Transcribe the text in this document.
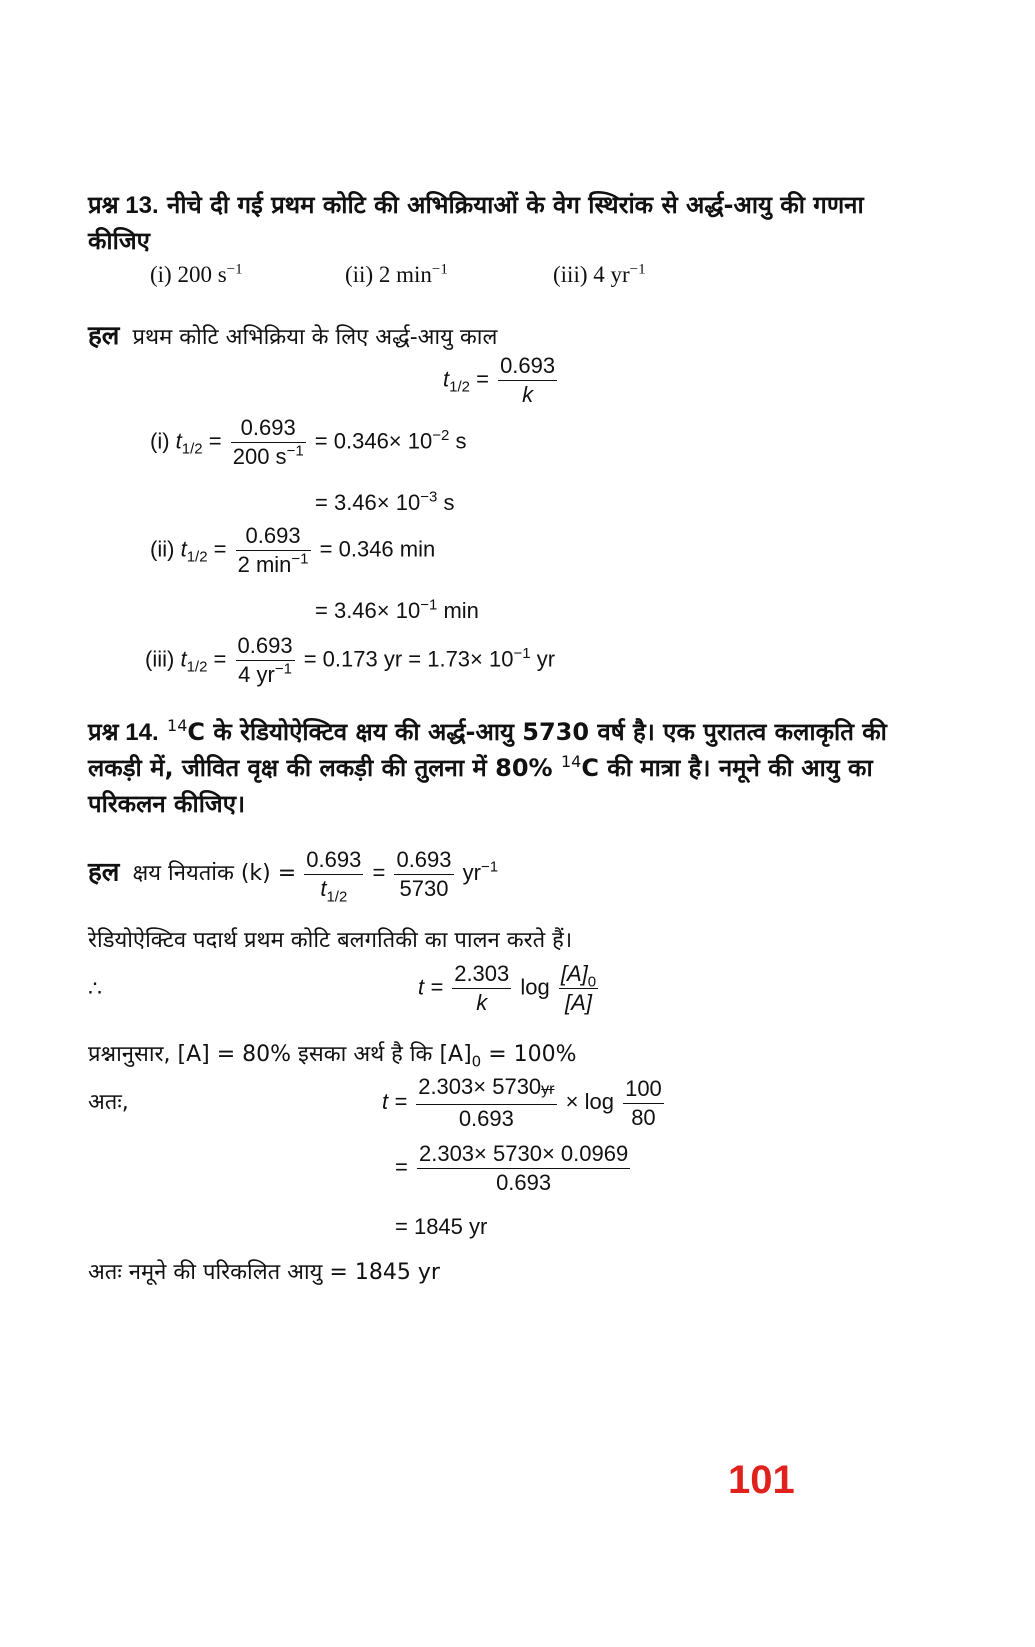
प्रश्न 13. नीचे दी गई प्रथम कोटि की अभिक्रियाओं के वेग स्थिरांक से अर्द्ध-आयु की गणना
कीजिए
(i) 200 $s^{-1}$	(ii) 2 $\min^{-1}$	(iii) 4 $yr^{-1}$
हल प्रथम कोटि अभिक्रिया के लिए अर्द्ध-आयु काल
$t_{1/2} = \frac{0.693}{k}$
(i) $t_{1/2} = \frac{0.693}{200 s^{-1}} = 0.346\times 10^{-2}$ s
= $3.46\times 10^{-3}$ s
(ii) $t_{1/2} = \frac{0.693}{2 \min^{-1}} = 0.346$ min
= $3.46\times 10^{-1}$ min
(iii) $t_{1/2} = \frac{0.693}{4 yr^{-1}} = 0.173$ yr = $1.73\times 10^{-1}$ yr
प्रश्न 14. $^{14}$C के रेडियोऐक्टिव क्षय की अर्द्ध-आयु 5730 वर्ष है। एक पुरातत्व कलाकृति की
लकड़ी में, जीवित वृक्ष की लकड़ी की तुलना में 80% $^{14}$C की मात्रा है। नमूने की आयु का
परिकलन कीजिए।
हल क्षय नियतांक $(k) = \frac{0.693}{t_{1/2}} = \frac{0.693}{5730} yr^{-1}$
रेडियोऐक्टिव पदार्थ प्रथम कोटि बलगतिकी का पालन करते हैं।
∴	$t = \frac{2.303}{k}$ $\log \frac{[A]_0}{[A]}$
प्रश्नानुसार, [A] = 80% इसका अर्थ है कि $[A]_0 = 100\%$
अतः,	$t = \frac{2.303\times 5730yr}{0.693} \times \log \frac{100}{80}$
= $\frac{2.303\times 5730\times 0.0969}{0.693}$
= 1845 yr
अतः नमूने की परिकलित आयु = 1845 yr
101
